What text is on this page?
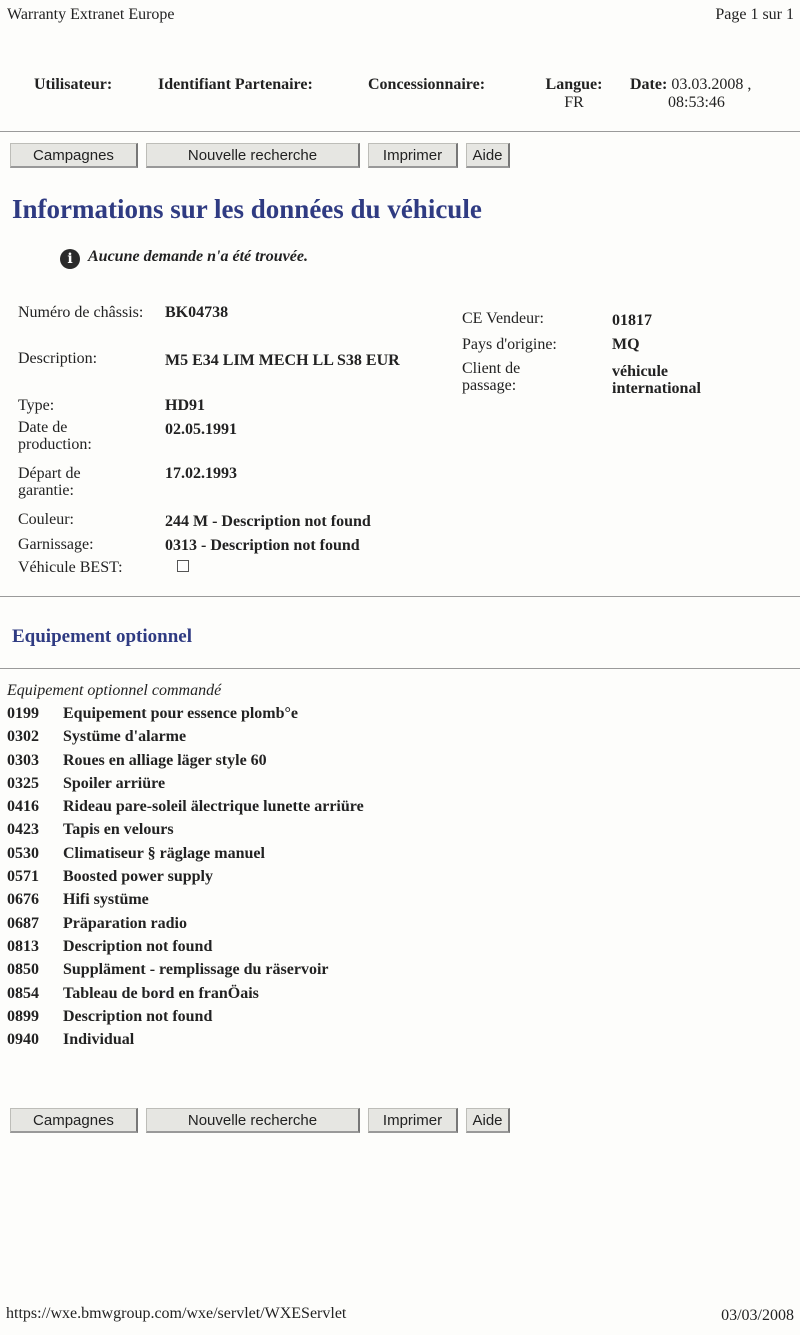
Warranty Extranet Europe	Page 1 sur 1
Utilisateur:	Identifiant Partenaire:	Concessionnaire:	Langue:
FR
Date: 03.03.2008 ,
08:53:46
Campagnes	Nouvelle recherche	Imprimer	Aide
Informations sur les données du véhicule
i Aucune demande n'a été trouvée.
Numéro de châssis:	BK04738
Description:	M5 E34 LIM MECH LL S38 EUR
Type:	HD91
Date de production:
02.05.1991
Départ de garantie:
17.02.1993
Couleur:	244 M - Description not found
Garnissage:	0313 - Description not found
Véhicule BEST:
CE Vendeur:	01817
Pays d'origine:	MQ
Client de passage:
véhicule international
Equipement optionnel
Equipement optionnel commandé
0199	Equipement pour essence plomb°e
0302	Systüme d'alarme
0303	Roues en alliage läger style 60
0325	Spoiler arriüre
0416	Rideau pare-soleil älectrique lunette arriüre
0423	Tapis en velours
0530	Climatiseur § räglage manuel
0571	Boosted power supply
0676	Hifi systüme
0687	Präparation radio
0813	Description not found
0850	Suppläment - remplissage du räservoir
0854	Tableau de bord en franÖais
0899	Description not found
0940	Individual
Campagnes	Nouvelle recherche	Imprimer	Aide
https://wxe.bmwgroup.com/wxe/servlet/WXEServlet	03/03/2008
